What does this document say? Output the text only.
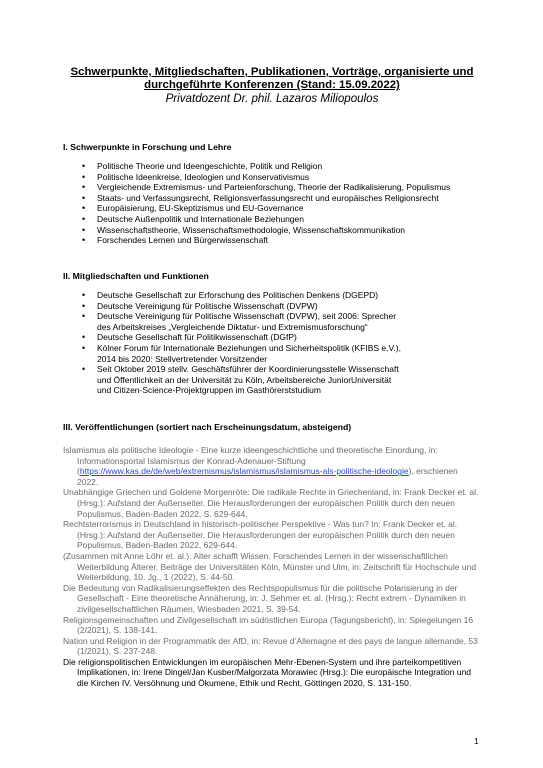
Schwerpunkte, Mitgliedschaften, Publikationen, Vorträge, organisierte und
durchgeführte Konferenzen (Stand: 15.09.2022)
Privatdozent Dr. phil. Lazaros Miliopoulos
I. Schwerpunkte in Forschung und Lehre
• Politische Theorie und Ideengeschichte, Politik und Religion
• Politische Ideenkreise, Ideologien und Konservativismus
• Vergleichende Extremismus- und Parteienforschung, Theorie der Radikalisierung, Populismus
• Staats- und Verfassungsrecht, Religionsverfassungsrecht und europäisches Religionsrecht
• Europäisierung, EU-Skeptizismus und EU-Governance
• Deutsche Außenpolitik und Internationale Beziehungen
• Wissenschaftstheorie, Wissenschaftsmethodologie, Wissenschaftskommunikation
• Forschendes Lernen und Bürgerwissenschaft
II. Mitgliedschaften und Funktionen
• Deutsche Gesellschaft zur Erforschung des Politischen Denkens (DGEPD)
• Deutsche Vereinigung für Politische Wissenschaft (DVPW)
• Deutsche Vereinigung für Politische Wissenschaft (DVPW), seit 2006: Sprecher des Arbeitskreises „Vergleichende Diktatur- und Extremismusforschung“
• Deutsche Gesellschaft für Politikwissenschaft (DGfP)
• Kölner Forum für Internationale Beziehungen und Sicherheitspolitik (KFIBS e.V.), 2014 bis 2020: Stellvertretender Vorsitzender
• Seit Oktober 2019 stellv. Geschäftsführer der Koordinierungsstelle Wissenschaft und Öffentlichkeit an der Universität zu Köln, Arbeitsbereiche JuniorUniversität und Citizen-Science-Projektgruppen im Gasthörerststudium
III. Veröffentlichungen (sortiert nach Erscheinungsdatum, absteigend)
Islamismus als politische Ideologie - Eine kurze ideengeschichtliche und theoretische Einordung, in: Informationsportal Islamismus der Konrad-Adenauer-Stiftung (https://www.kas.de/de/web/extremismus/islamismus/islamismus-als-politische-ideologie), erschienen 2022.
Unabhängige Griechen und Goldene Morgenröte: Die radikale Rechte in Griechenland, in: Frank Decker et. al. (Hrsg.): Aufstand der Außenseiter. Die Herausforderungen der europäischen Politik durch den neuen Populismus, Baden-Baden 2022, S. 629-644.
Rechtsterrorismus in Deutschland in historisch-politischer Perspektive - Was tun? In: Frank Decker et. al. (Hrsg.): Aufstand der Außenseiter. Die Herausforderungen der europäischen Politik durch den neuen Populismus, Baden-Baden 2022, 629-644.
(Zusammen mit Anne Löhr et. al.): Alter schafft Wissen. Forschendes Lernen in der wissenschaftlichen Weiterbildung Älterer. Beiträge der Universitäten Köln, Münster und Ulm, in: Zeitschrift für Hochschule und Weiterbildung, 10. Jg., 1 (2022), S. 44-50.
Die Bedeutung von Radikalisierungseffekten des Rechtspopulismus für die politische Polarisierung in der Gesellschaft - Eine theoretische Annäherung, in: J. Sehmer et. al. (Hrsg.): Recht extrem - Dynamiken in zivilgesellschaftlichen Räumen, Wiesbaden 2021, S. 39-54.
Religionsgemeinschaften und Zivilgesellschaft im südöstlichen Europa (Tagungsbericht), in: Spiegelungen 16 (2/2021), S. 138-141.
Nation und Religion in der Programmatik der AfD, in: Revue d’Allemagne et des pays de langue allemande, 53 (1/2021), S. 237-248.
Die religionspolitischen Entwicklungen im europäischen Mehr-Ebenen-System und ihre parteikompetitiven Implikationen, in: Irene Dingel/Jan Kusber/Malgorzata Morawiec (Hrsg.): Die europäische Integration und die Kirchen IV. Versöhnung und Ökumene, Ethik und Recht, Göttingen 2020, S. 131-150.
1
